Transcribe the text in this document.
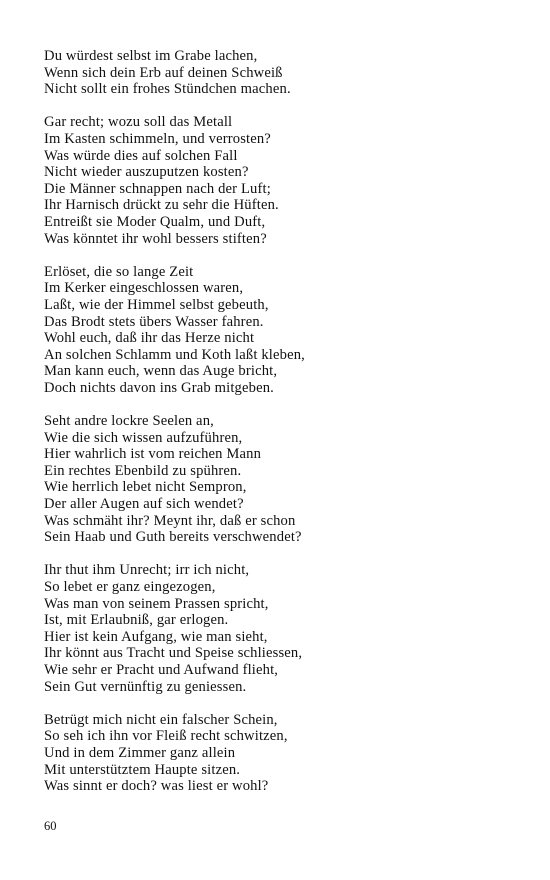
Du würdest selbst im Grabe lachen,
Wenn sich dein Erb auf deinen Schweiß
Nicht sollt ein frohes Stündchen machen.
Gar recht; wozu soll das Metall
Im Kasten schimmeln, und verrosten?
Was würde dies auf solchen Fall
Nicht wieder auszuputzen kosten?
Die Männer schnappen nach der Luft;
Ihr Harnisch drückt zu sehr die Hüften.
Entreißt sie Moder Qualm, und Duft,
Was könntet ihr wohl bessers stiften?
Erlöset, die so lange Zeit
Im Kerker eingeschlossen waren,
Laßt, wie der Himmel selbst gebeuth,
Das Brodt stets übers Wasser fahren.
Wohl euch, daß ihr das Herze nicht
An solchen Schlamm und Koth laßt kleben,
Man kann euch, wenn das Auge bricht,
Doch nichts davon ins Grab mitgeben.
Seht andre lockre Seelen an,
Wie die sich wissen aufzuführen,
Hier wahrlich ist vom reichen Mann
Ein rechtes Ebenbild zu spühren.
Wie herrlich lebet nicht Sempron,
Der aller Augen auf sich wendet?
Was schmäht ihr? Meynt ihr, daß er schon
Sein Haab und Guth bereits verschwendet?
Ihr thut ihm Unrecht; irr ich nicht,
So lebet er ganz eingezogen,
Was man von seinem Prassen spricht,
Ist, mit Erlaubniß, gar erlogen.
Hier ist kein Aufgang, wie man sieht,
Ihr könnt aus Tracht und Speise schliessen,
Wie sehr er Pracht und Aufwand flieht,
Sein Gut vernünftig zu geniessen.
Betrügt mich nicht ein falscher Schein,
So seh ich ihn vor Fleiß recht schwitzen,
Und in dem Zimmer ganz allein
Mit unterstütztem Haupte sitzen.
Was sinnt er doch? was liest er wohl?
60
